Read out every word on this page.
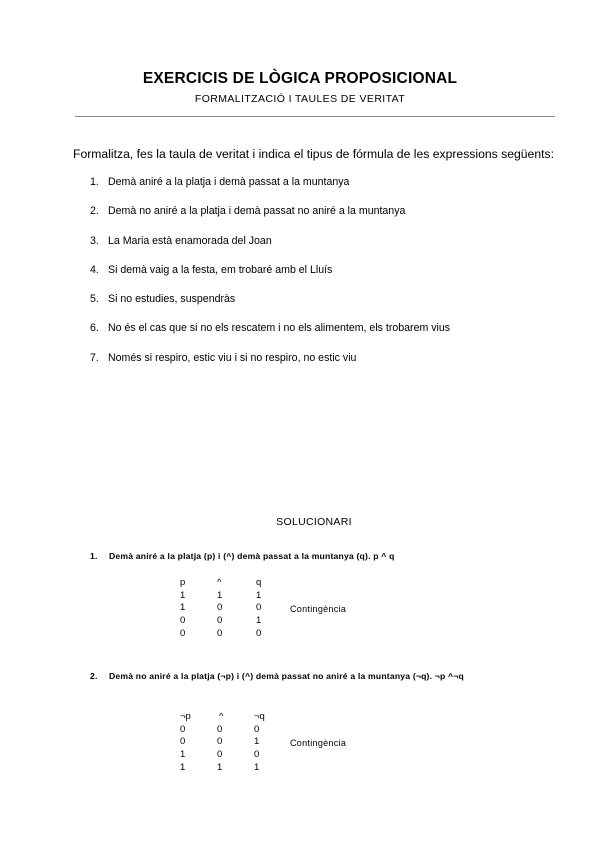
EXERCICIS DE LÒGICA PROPOSICIONAL
FORMALITZACIÓ I TAULES DE VERITAT
Formalitza, fes la taula de veritat i indica el tipus de fórmula de les expressions següents:
1. Demà aniré a la platja i demà passat a la muntanya
2. Demà no aniré a la platja i demà passat no aniré a la muntanya
3. La Maria està enamorada del Joan
4. Si demà vaig a la festa, em trobaré amb el Lluís
5. Si no estudies, suspendràs
6. No és el cas que si no els rescatem i no els alimentem, els trobarem vius
7. Només si respiro, estic viu i si no respiro, no estic viu
SOLUCIONARI
1.	Demà aniré a la platja (p) i (^) demà passat a la muntanya (q). p ^ q
p	^	q
1	1	1
1	0	0
0	0	1
0	0	0
Contingència
2.	Demà no aniré a la platja (¬p) i (^) demà passat no aniré a la muntanya (¬q). ¬p ^¬q
¬p	^	¬q
0	0	0
0	0	1
1	0	0
1	1	1
Contingència
